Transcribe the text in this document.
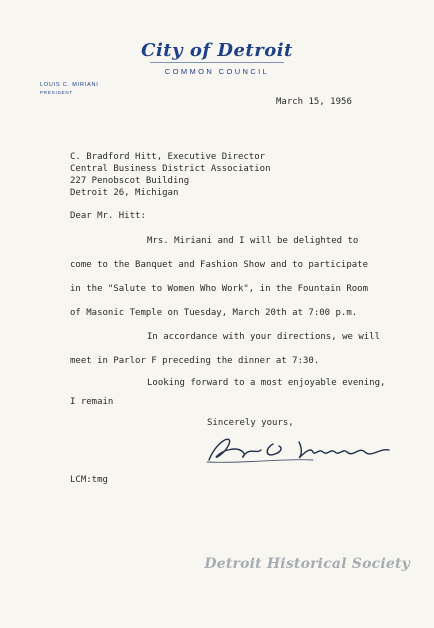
City of Detroit
COMMON COUNCIL
LOUIS C. MIRIANI
PRESIDENT
March 15, 1956
C. Bradford Hitt, Executive Director
Central Business District Association
227 Penobscot Building
Detroit 26, Michigan
Dear Mr. Hitt:
Mrs. Miriani and I will be delighted to
come to the Banquet and Fashion Show and to participate
in the "Salute to Women Who Work", in the Fountain Room
of Masonic Temple on Tuesday, March 20th at 7:00 p.m.
In accordance with your directions, we will
meet in Parlor F preceding the dinner at 7:30.
Looking forward to a most enjoyable evening,
I remain
Sincerely yours,
LCM:tmg
Detroit Historical Society
